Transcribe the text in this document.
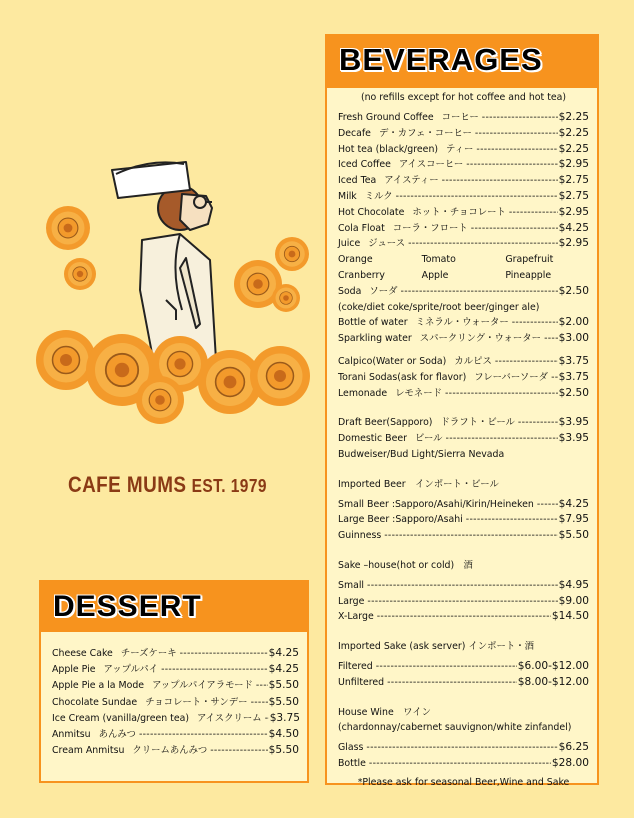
CAFE MUMS EST. 1979
BEVERAGES
(no refills except for hot coffee and hot tea)
Fresh Ground Coffee コーヒー -----	$2.25
Decafe デ・カフェ・コーヒー -----	$2.25
Hot tea (black/green) ティー -----	$2.25
Iced Coffee アイスコーヒー -----	$2.95
Iced Tea アイスティー -----	$2.75
Milk ミルク -----	$2.75
Hot Chocolate ホット・チョコレート -----	$2.95
Cola Float コーラ・フロート -----	$4.25
Juice ジュース -----	$2.95
Orange	Tomato	Grapefruit
Cranberry	Apple	Pineapple
Soda ソーダ -----	$2.50
(coke/diet coke/sprite/root beer/ginger ale)
Bottle of water ミネラル・ウォーター -----	$2.00
Sparkling water スパークリング・ウォーター ----- $3.00
Calpico(Water or Soda) カルピス -----	$3.75
Torani Sodas(ask for flavor) フレーバーソーダ ----- $3.75
Lemonade レモネード -----	$2.50
Draft Beer(Sapporo) ドラフト・ビール -----	$3.95
Domestic Beer ビール -----	$3.95
Budweiser/Bud Light/Sierra Nevada
Imported Beer　インポート・ビール
Small Beer :Sapporo/Asahi/Kirin/Heineken ----- $4.25
Large Beer :Sapporo/Asahi -----	$7.95
Guinness -----	$5.50
Sake –house(hot or cold)　酒
Small -----	$4.95
Large -----	$9.00
X-Large -----	$14.50
Imported Sake (ask server) インポート・酒
Filtered -----	$6.00-$12.00
Unfiltered -----	$8.00-$12.00
House Wine　ワイン
(chardonnay/cabernet sauvignon/white zinfandel)
Glass -----	$6.25
Bottle -----	$28.00
*Please ask for seasonal Beer,Wine and Sake
DESSERT
Cheese Cake チーズケーキ -----	$4.25
Apple Pie アップルパイ -----	$4.25
Apple Pie a la Mode アップルパイアラモード ----- $5.50
Chocolate Sundae チョコレート・サンデー ----- $5.50
Ice Cream (vanilla/green tea) アイスクリーム ----- $3.75
Anmitsu あんみつ -----	$4.50
Cream Anmitsu クリームあんみつ -----	$5.50
